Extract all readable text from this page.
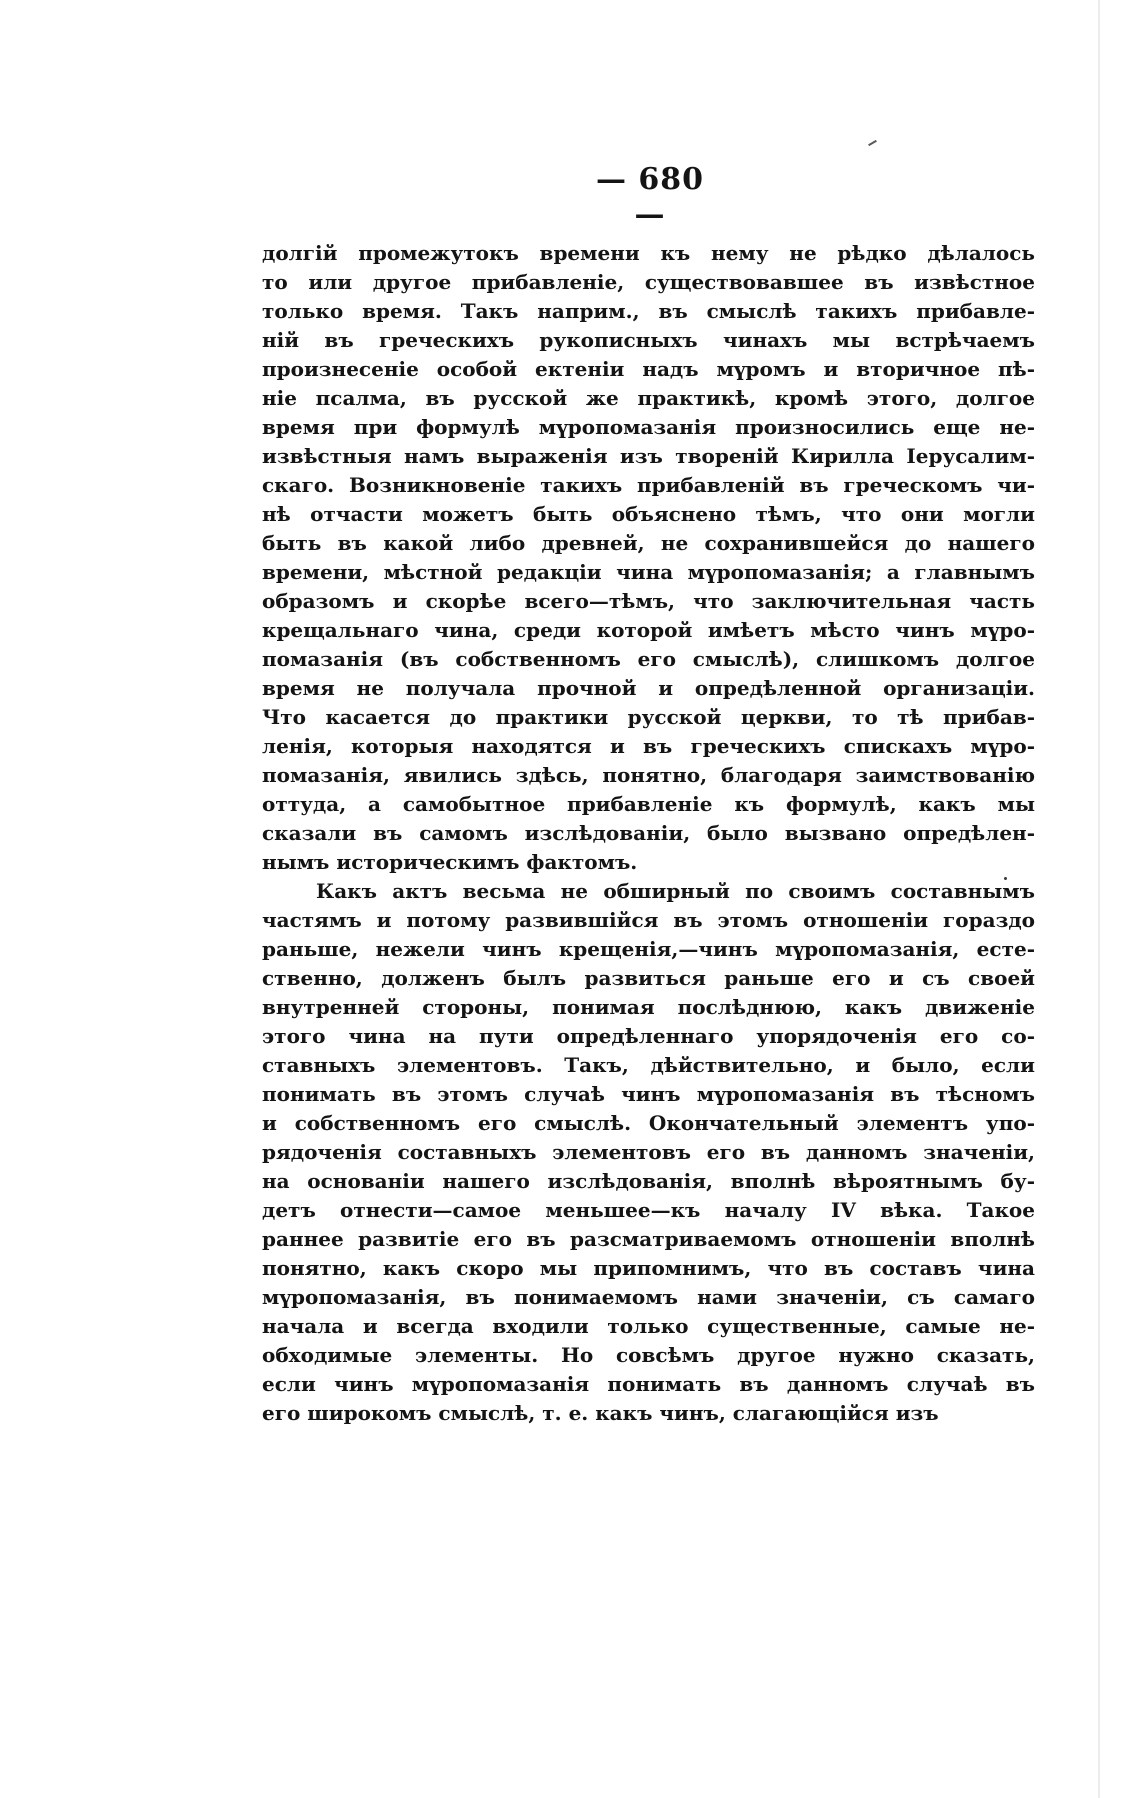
— 680 —
долгій промежутокъ времени къ нему не рѣдко дѣлалось
то или другое прибавленіе, существовавшее въ извѣстное
только время. Такъ наприм., въ смыслѣ такихъ прибавле-
ній въ греческихъ рукописныхъ чинахъ мы встрѣчаемъ
произнесеніе особой ектеніи надъ мүромъ и вторичное пѣ-
ніе псалма, въ русской же практикѣ, кромѣ этого, долгое
время при формулѣ мүропомазанія произносились еще не-
извѣстныя намъ выраженія изъ твореній Кирилла Іерусалим-
скаго. Возникновеніе такихъ прибавленій въ греческомъ чи-
нѣ отчасти можетъ быть объяснено тѣмъ, что они могли
быть въ какой либо древней, не сохранившейся до нашего
времени, мѣстной редакціи чина мүропомазанія; а главнымъ
образомъ и скорѣе всего—тѣмъ, что заключительная часть
крещальнаго чина, среди которой имѣетъ мѣсто чинъ мүро-
помазанія (въ собственномъ его смыслѣ), слишкомъ долгое
время не получала прочной и опредѣленной организаціи.
Что касается до практики русской церкви, то тѣ прибав-
ленія, которыя находятся и въ греческихъ спискахъ мүро-
помазанія, явились здѣсь, понятно, благодаря заимствованію
оттуда, а самобытное прибавленіе къ формулѣ, какъ мы
сказали въ самомъ изслѣдованіи, было вызвано опредѣлен-
нымъ историческимъ фактомъ.
Какъ актъ весьма не обширный по своимъ составнымъ
частямъ и потому развившійся въ этомъ отношеніи гораздо
раньше, нежели чинъ крещенія,—чинъ мүропомазанія, есте-
ственно, долженъ былъ развиться раньше его и съ своей
внутренней стороны, понимая послѣднюю, какъ движеніе
этого чина на пути опредѣленнаго упорядоченія его со-
ставныхъ элементовъ. Такъ, дѣйствительно, и было, если
понимать въ этомъ случаѣ чинъ мүропомазанія въ тѣсномъ
и собственномъ его смыслѣ. Окончательный элементъ упо-
рядоченія составныхъ элементовъ его въ данномъ значеніи,
на основаніи нашего изслѣдованія, вполнѣ вѣроятнымъ бу-
детъ отнести—самое меньшее—къ началу IV вѣка. Такое
раннее развитіе его въ разсматриваемомъ отношеніи вполнѣ
понятно, какъ скоро мы припомнимъ, что въ составъ чина
мүропомазанія, въ понимаемомъ нами значеніи, съ самаго
начала и всегда входили только существенные, самые не-
обходимые элементы. Но совсѣмъ другое нужно сказать,
если чинъ мүропомазанія понимать въ данномъ случаѣ въ
его широкомъ смыслѣ, т. е. какъ чинъ, слагающійся изъ
